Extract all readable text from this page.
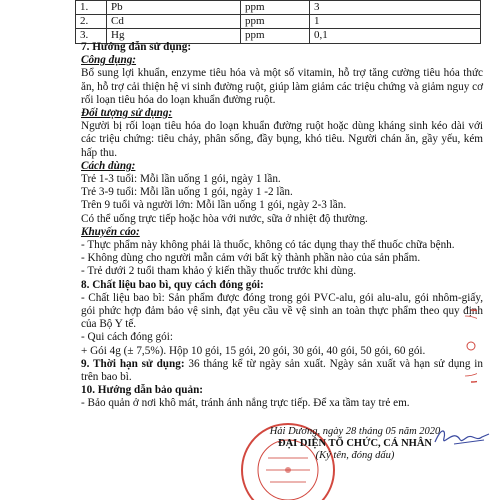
1.	Pb	ppm	3
2.	Cd	ppm	1
3.	Hg	ppm	0,1
7. Hướng dẫn sử dụng:
Công dụng:
Bổ sung lợi khuẩn, enzyme tiêu hóa và một số vitamin, hỗ trợ tăng cường tiêu hóa thức ăn, hỗ trợ cải thiện hệ vi sinh đường ruột, giúp làm giảm các triệu chứng và giảm nguy cơ rối loạn tiêu hóa do loạn khuẩn đường ruột.
Đối tượng sử dụng:
Người bị rối loạn tiêu hóa do loạn khuẩn đường ruột hoặc dùng kháng sinh kéo dài với các triệu chứng: tiêu chảy, phân sống, đầy bụng, khó tiêu. Người chán ăn, gầy yếu, kém hấp thu.
Cách dùng:
Trẻ 1-3 tuổi: Mỗi lần uống 1 gói, ngày 1 lần.
Trẻ 3-9 tuổi: Mỗi lần uống 1 gói, ngày 1 -2 lần.
Trên 9 tuổi và người lớn: Mỗi lần uống 1 gói, ngày 2-3 lần.
Có thể uống trực tiếp hoặc hòa với nước, sữa ở nhiệt độ thường.
Khuyến cáo:
- Thực phẩm này không phải là thuốc, không có tác dụng thay thế thuốc chữa bệnh.
- Không dùng cho người mẫn cảm với bất kỳ thành phần nào của sản phẩm.
- Trẻ dưới 2 tuổi tham khảo ý kiến thầy thuốc trước khi dùng.
8. Chất liệu bao bì, quy cách đóng gói:
- Chất liệu bao bì: Sản phẩm được đóng trong gói PVC-alu, gói alu-alu, gói nhôm-giấy, gói phức hợp đảm bảo vệ sinh, đạt yêu cầu về vệ sinh an toàn thực phẩm theo quy định của Bộ Y tế.
- Qui cách đóng gói:
+ Gói 4g (± 7,5%). Hộp 10 gói, 15 gói, 20 gói, 30 gói, 40 gói, 50 gói, 60 gói.
9. Thời hạn sử dụng: 36 tháng kể từ ngày sản xuất. Ngày sản xuất và hạn sử dụng in trên bao bì.
10. Hướng dẫn bảo quản:
- Bảo quản ở nơi khô mát, tránh ánh nắng trực tiếp. Để xa tầm tay trẻ em.
Hải Dương, ngày 28 tháng 05 năm 2020
ĐẠI DIỆN TỔ CHỨC, CÁ NHÂN
(Ký tên, đóng dấu)
